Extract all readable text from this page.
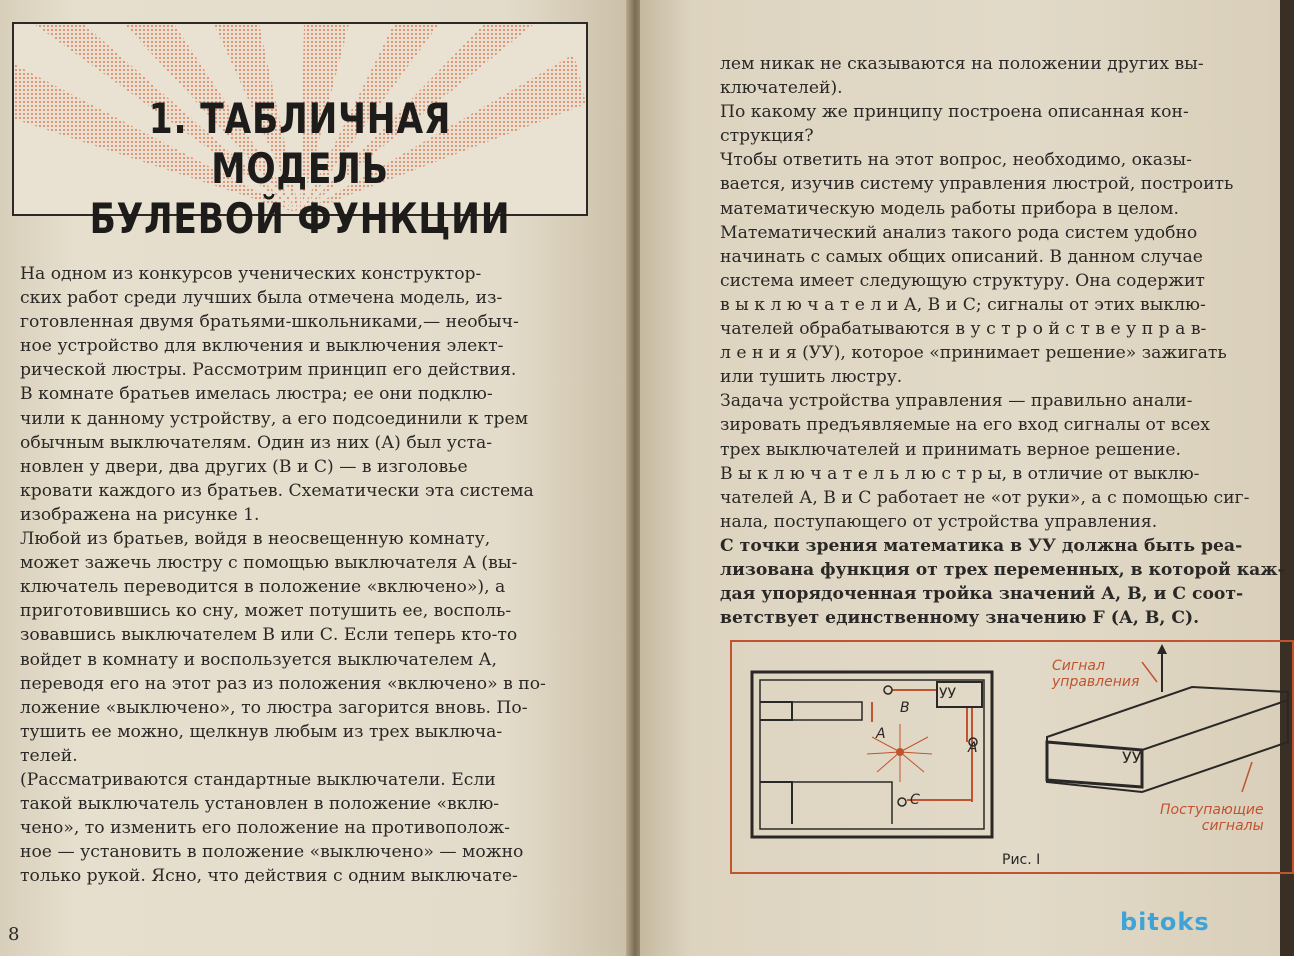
1. ТАБЛИЧНАЯ МОДЕЛЬ
БУЛЕВОЙ ФУНКЦИИ
На одном из конкурсов ученических конструктор-
ских работ среди лучших была отмечена модель, из-
готовленная двумя братьями-школьниками,— необыч-
ное устройство для включения и выключения элект-
рической люстры. Рассмотрим принцип его действия.
В комнате братьев имелась люстра; ее они подклю-
чили к данному устройству, а его подсоединили к трем
обычным выключателям. Один из них (А) был уста-
новлен у двери, два других (В и С) — в изголовье
кровати каждого из братьев. Схематически эта система
изображена на рисунке 1.
Любой из братьев, войдя в неосвещенную комнату,
может зажечь люстру с помощью выключателя А (вы-
ключатель переводится в положение «включено»), а
приготовившись ко сну, может потушить ее, восполь-
зовавшись выключателем В или С. Если теперь кто-то
войдет в комнату и воспользуется выключателем А,
переводя его на этот раз из положения «включено» в по-
ложение «выключено», то люстра загорится вновь. По-
тушить ее можно, щелкнув любым из трех выключа-
телей.
(Рассматриваются стандартные выключатели. Если
такой выключатель установлен в положение «вклю-
чено», то изменить его положение на противополож-
ное — установить в положение «выключено» — можно
только рукой. Ясно, что действия с одним выключате-
8
лем никак не сказываются на положении других вы-
ключателей).
По какому же принципу построена описанная кон-
струкция?
Чтобы ответить на этот вопрос, необходимо, оказы-
вается, изучив систему управления люстрой, построить
математическую модель работы прибора в целом.
Математический анализ такого рода систем удобно
начинать с самых общих описаний. В данном случае
система имеет следующую структуру. Она содержит
в ы к л ю ч а т е л и А, В и С; сигналы от этих выклю-
чателей обрабатываются в у с т р о й с т в е у п р а в-
л е н и я (УУ), которое «принимает решение» зажигать
или тушить люстру.
Задача устройства управления — правильно анали-
зировать предъявляемые на его вход сигналы от всех
трех выключателей и принимать верное решение.
В ы к л ю ч а т е л ь л ю с т р ы, в отличие от выклю-
чателей А, В и С работает не «от руки», а с помощью сиг-
нала, поступающего от устройства управления.
С точки зрения математика в УУ должна быть реа-
лизована функция от трех переменных, в которой каж-
дая упорядоченная тройка значений А, В, и С соот-
ветствует единственному значению F (А, В, С).
УУ
В
А
А
С
Сигнал
управления
УУ
Поступающие
сигналы
Рис. I
bitoks
